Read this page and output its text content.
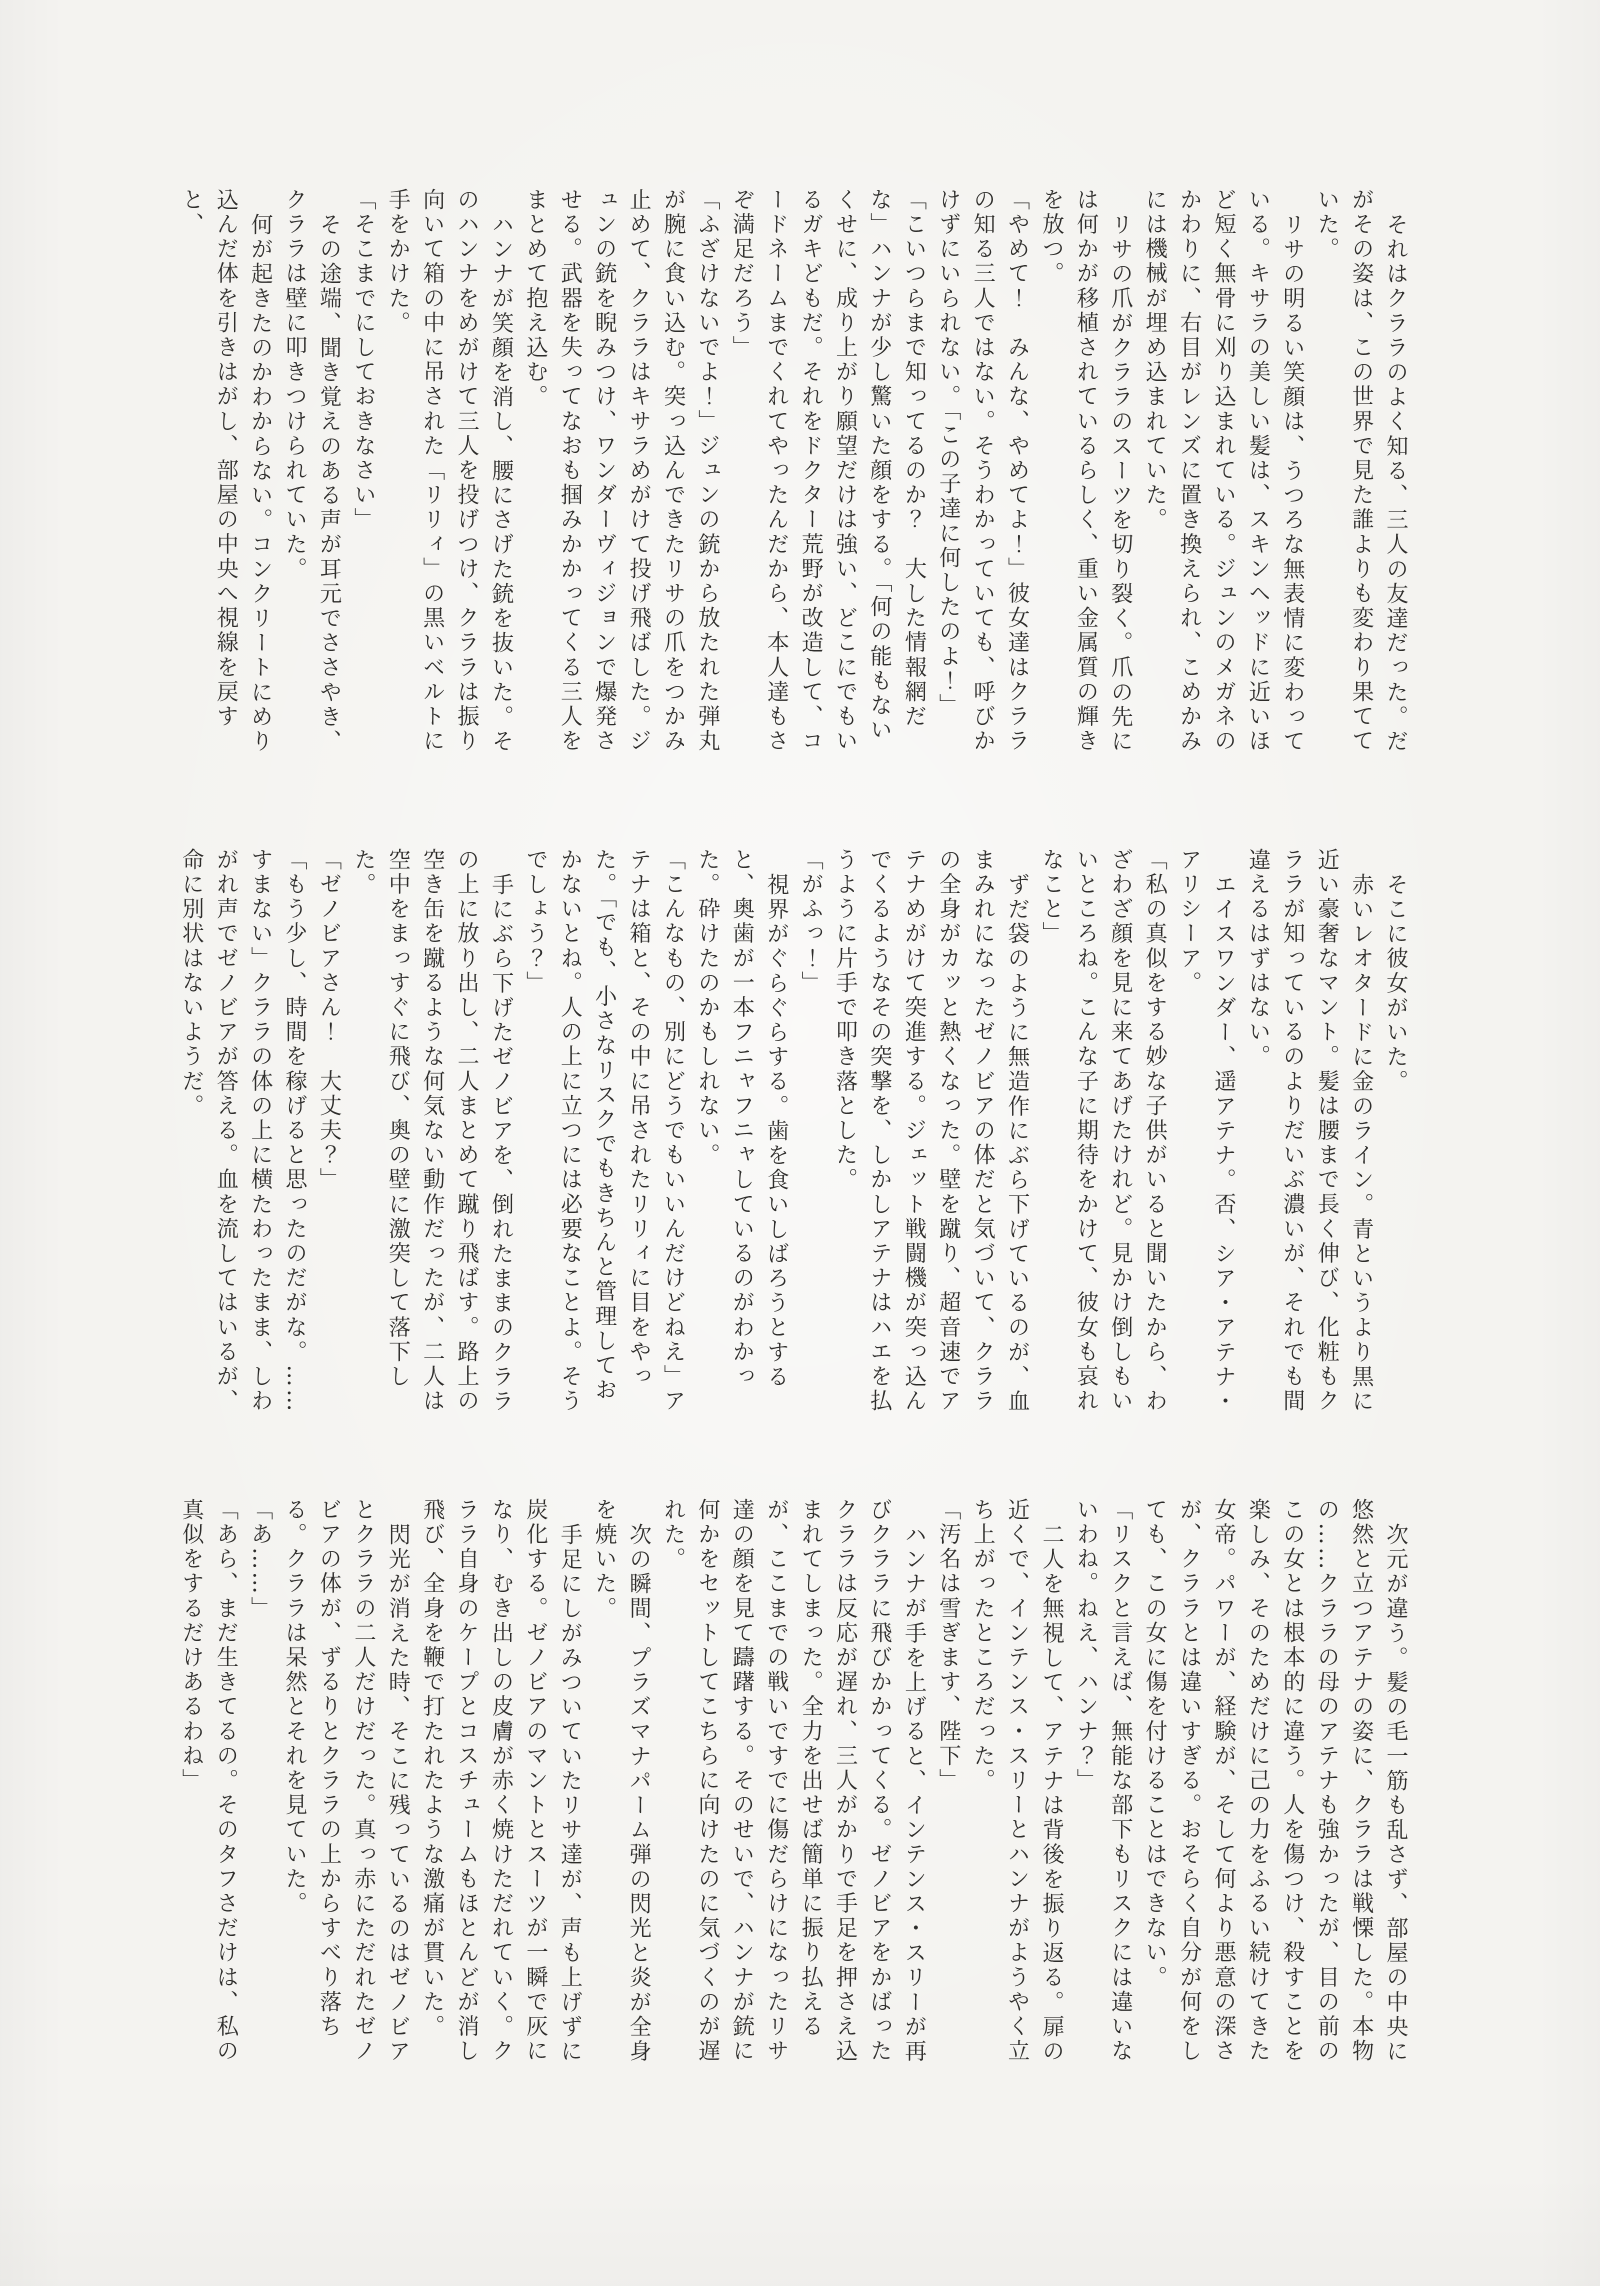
それはクララのよく知る、三人の友達だった。だがその姿は、この世界で見た誰よりも変わり果てていた。

リサの明るい笑顔は、うつろな無表情に変わっている。キサラの美しい髪は、スキンヘッドに近いほど短く無骨に刈り込まれている。ジュンのメガネのかわりに、右目がレンズに置き換えられ、こめかみには機械が埋め込まれていた。

リサの爪がクララのスーツを切り裂く。爪の先には何かが移植されているらしく、重い金属質の輝きを放つ。

「やめて！　みんな、やめてよ！」彼女達はクララの知る三人ではない。そうわかっていても、呼びかけずにいられない。「この子達に何したのよ！」

「こいつらまで知ってるのか？　大した情報網だな」ハンナが少し驚いた顔をする。「何の能もないくせに、成り上がり願望だけは強い、どこにでもいるガキどもだ。それをドクター荒野が改造して、コードネームまでくれてやったんだから、本人達もさぞ満足だろう」

「ふざけないでよ！」ジュンの銃から放たれた弾丸が腕に食い込む。突っ込んできたリサの爪をつかみ止めて、クララはキサラめがけて投げ飛ばした。ジュンの銃を睨みつけ、ワンダーヴィジョンで爆発させる。武器を失ってなおも掴みかかってくる三人をまとめて抱え込む。

ハンナが笑顔を消し、腰にさげた銃を抜いた。そのハンナをめがけて三人を投げつけ、クララは振り向いて箱の中に吊された「リリィ」の黒いベルトに手をかけた。

「そこまでにしておきなさい」

その途端、聞き覚えのある声が耳元でささやき、クララは壁に叩きつけられていた。

何が起きたのかわからない。コンクリートにめり込んだ体を引きはがし、部屋の中央へ視線を戻すと、

そこに彼女がいた。

赤いレオタードに金のライン。青というより黒に近い豪奢なマント。髪は腰まで長く伸び、化粧もクララが知っているのよりだいぶ濃いが、それでも間違えるはずはない。

エイスワンダー、遥アテナ。否、シア・アテナ・アリシーア。

「私の真似をする妙な子供がいると聞いたから、わざわざ顔を見に来てあげたけれど。見かけ倒しもいいところね。こんな子に期待をかけて、彼女も哀れなこと」

ずだ袋のように無造作にぶら下げているのが、血まみれになったゼノビアの体だと気づいて、クララの全身がカッと熱くなった。壁を蹴り、超音速でアテナめがけて突進する。ジェット戦闘機が突っ込んでくるようなその突撃を、しかしアテナはハエを払うように片手で叩き落とした。

「がふっ！」

視界がぐらぐらする。歯を食いしばろうとすると、奥歯が一本フニャフニャしているのがわかった。砕けたのかもしれない。

「こんなもの、別にどうでもいいんだけどねえ」アテナは箱と、その中に吊されたリリィに目をやった。「でも、小さなリスクでもきちんと管理しておかないとね。人の上に立つには必要なことよ。そうでしょう？」

手にぶら下げたゼノビアを、倒れたままのクララの上に放り出し、二人まとめて蹴り飛ばす。路上の空き缶を蹴るような何気ない動作だったが、二人は空中をまっすぐに飛び、奥の壁に激突して落下した。

「ゼノビアさん！　大丈夫？」

「もう少し、時間を稼げると思ったのだがな。……すまない」クララの体の上に横たわったまま、しわがれ声でゼノビアが答える。血を流してはいるが、命に別状はないようだ。

次元が違う。髪の毛一筋も乱さず、部屋の中央に悠然と立つアテナの姿に、クララは戦慄した。本物の……クララの母のアテナも強かったが、目の前のこの女とは根本的に違う。人を傷つけ、殺すことを楽しみ、そのためだけに己の力をふるい続けてきた女帝。パワーが、経験が、そして何より悪意の深さが、クララとは違いすぎる。おそらく自分が何をしても、この女に傷を付けることはできない。

「リスクと言えば、無能な部下もリスクには違いないわね。ねえ、ハンナ？」

二人を無視して、アテナは背後を振り返る。扉の近くで、インテンス・スリーとハンナがようやく立ち上がったところだった。

「汚名は雪ぎます、陛下」

ハンナが手を上げると、インテンス・スリーが再びクララに飛びかかってくる。ゼノビアをかばったクララは反応が遅れ、三人がかりで手足を押さえ込まれてしまった。全力を出せば簡単に振り払えるが、ここまでの戦いですでに傷だらけになったリサ達の顔を見て躊躇する。そのせいで、ハンナが銃に何かをセットしてこちらに向けたのに気づくのが遅れた。

次の瞬間、プラズマナパーム弾の閃光と炎が全身を焼いた。

手足にしがみついていたリサ達が、声も上げずに炭化する。ゼノビアのマントとスーツが一瞬で灰になり、むき出しの皮膚が赤く焼けただれていく。クララ自身のケープとコスチュームもほとんどが消し飛び、全身を鞭で打たれたような激痛が貫いた。

閃光が消えた時、そこに残っているのはゼノビアとクララの二人だけだった。真っ赤にただれたゼノビアの体が、ずるりとクララの上からすべり落ちる。クララは呆然とそれを見ていた。

「あ……」

「あら、まだ生きてるの。そのタフさだけは、私の真似をするだけあるわね」
